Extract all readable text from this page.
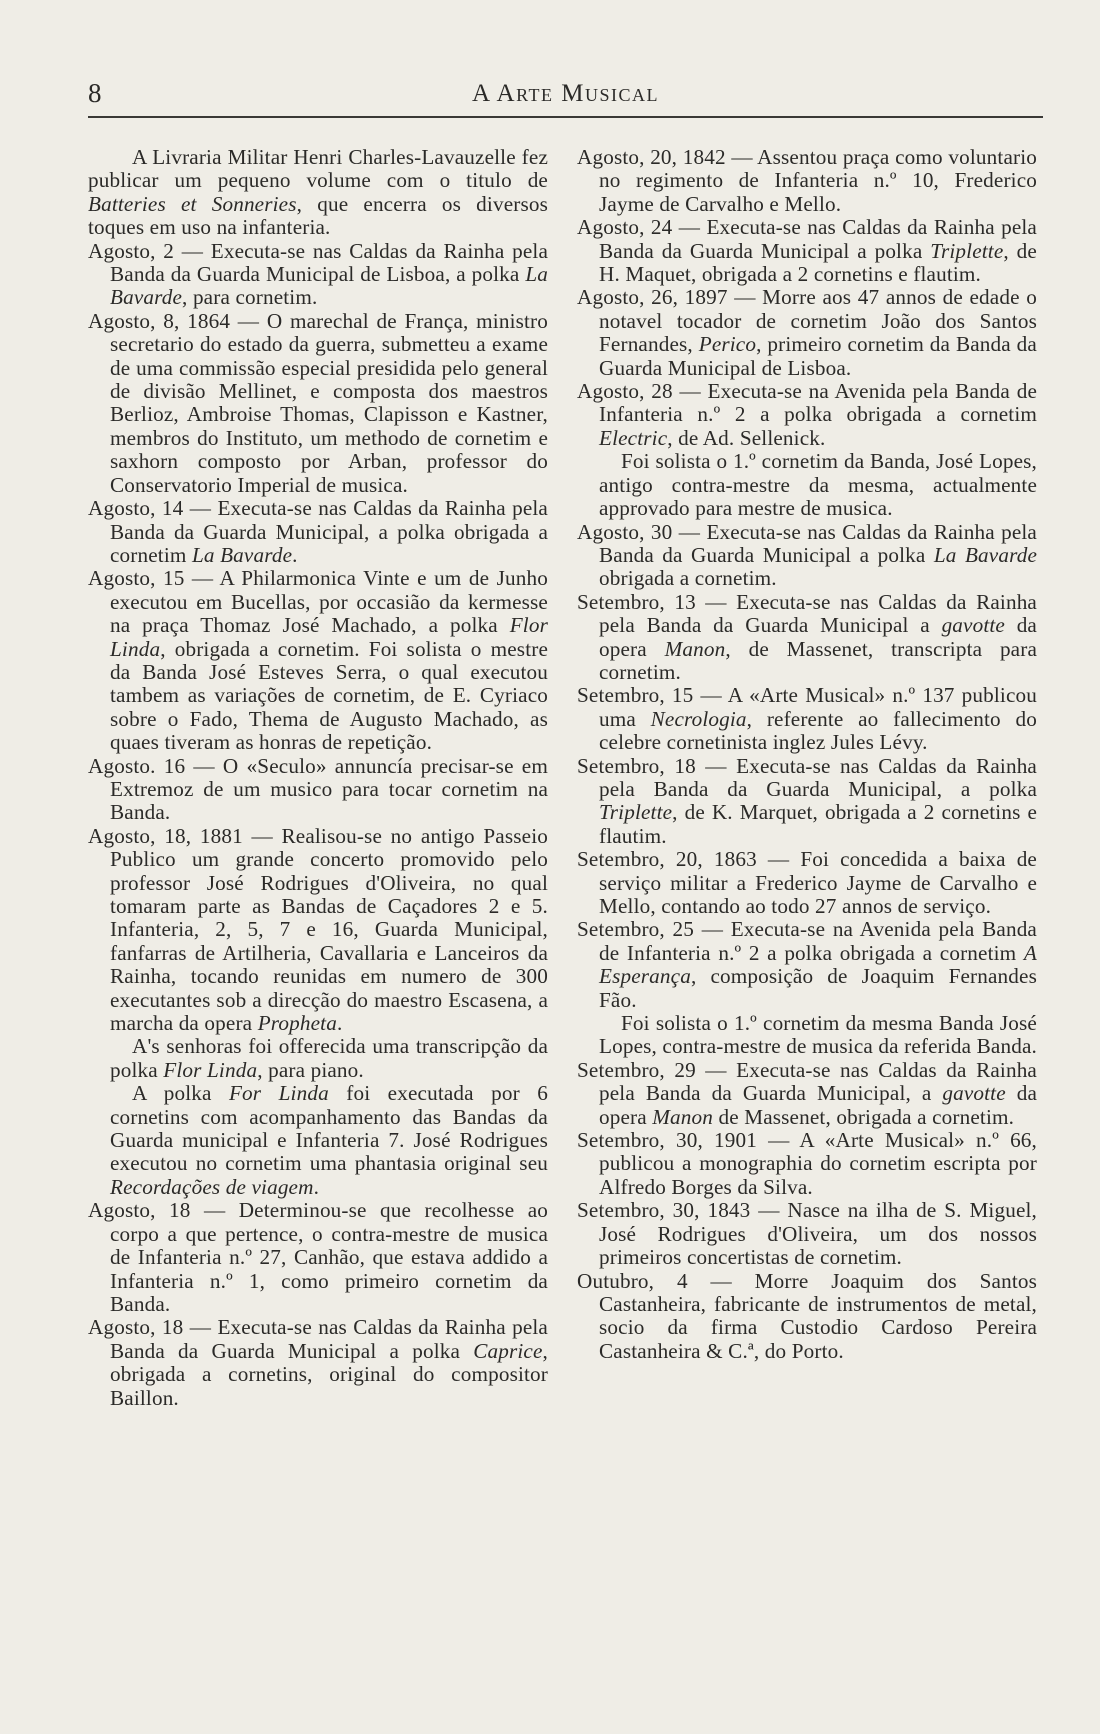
8	A Arte Musical

A Livraria Militar Henri Charles-Lavauzelle fez publicar um pequeno volume com o titulo de Batteries et Sonneries, que encerra os diversos toques em uso na infanteria.

Agosto, 2 — Executa-se nas Caldas da Rainha pela Banda da Guarda Municipal de Lisboa, a polka La Bavarde, para cornetim.

Agosto, 8, 1864 — O marechal de França, ministro secretario do estado da guerra, submetteu a exame de uma commissão especial presidida pelo general de divisão Mellinet, e composta dos maestros Berlioz, Ambroise Thomas, Clapisson e Kastner, membros do Instituto, um methodo de cornetim e saxhorn composto por Arban, professor do Conservatorio Imperial de musica.

Agosto, 14 — Executa-se nas Caldas da Rainha pela Banda da Guarda Municipal, a polka obrigada a cornetim La Bavarde.

Agosto, 15 — A Philarmonica Vinte e um de Junho executou em Bucellas, por occasião da kermesse na praça Thomaz José Machado, a polka Flor Linda, obrigada a cornetim. Foi solista o mestre da Banda José Esteves Serra, o qual executou tambem as variações de cornetim, de E. Cyriaco sobre o Fado, Thema de Augusto Machado, as quaes tiveram as honras de repetição.

Agosto. 16 — O «Seculo» annuncía precisar-se em Extremoz de um musico para tocar cornetim na Banda.

Agosto, 18, 1881 — Realisou-se no antigo Passeio Publico um grande concerto promovido pelo professor José Rodrigues d'Oliveira, no qual tomaram parte as Bandas de Caçadores 2 e 5. Infanteria, 2, 5, 7 e 16, Guarda Municipal, fanfarras de Artilheria, Cavallaria e Lanceiros da Rainha, tocando reunidas em numero de 300 executantes sob a direcção do maestro Escasena, a marcha da opera Propheta.

A's senhoras foi offerecida uma transcripção da polka Flor Linda, para piano.

A polka For Linda foi executada por 6 cornetins com acompanhamento das Bandas da Guarda municipal e Infanteria 7. José Rodrigues executou no cornetim uma phantasia original seu Recordações de viagem.

Agosto, 18 — Determinou-se que recolhesse ao corpo a que pertence, o contra-mestre de musica de Infanteria n.º 27, Canhão, que estava addido a Infanteria n.º 1, como primeiro cornetim da Banda.

Agosto, 18 — Executa-se nas Caldas da Rainha pela Banda da Guarda Municipal a polka Caprice, obrigada a cornetins, original do compositor Baillon.

Agosto, 20, 1842 — Assentou praça como voluntario no regimento de Infanteria n.º 10, Frederico Jayme de Carvalho e Mello.

Agosto, 24 — Executa-se nas Caldas da Rainha pela Banda da Guarda Municipal a polka Triplette, de H. Maquet, obrigada a 2 cornetins e flautim.

Agosto, 26, 1897 — Morre aos 47 annos de edade o notavel tocador de cornetim João dos Santos Fernandes, Perico, primeiro cornetim da Banda da Guarda Municipal de Lisboa.

Agosto, 28 — Executa-se na Avenida pela Banda de Infanteria n.º 2 a polka obrigada a cornetim Electric, de Ad. Sellenick.

Foi solista o 1.º cornetim da Banda, José Lopes, antigo contra-mestre da mesma, actualmente approvado para mestre de musica.

Agosto, 30 — Executa-se nas Caldas da Rainha pela Banda da Guarda Municipal a polka La Bavarde obrigada a cornetim.

Setembro, 13 — Executa-se nas Caldas da Rainha pela Banda da Guarda Municipal a gavotte da opera Manon, de Massenet, transcripta para cornetim.

Setembro, 15 — A «Arte Musical» n.º 137 publicou uma Necrologia, referente ao fallecimento do celebre cornetinista inglez Jules Lévy.

Setembro, 18 — Executa-se nas Caldas da Rainha pela Banda da Guarda Municipal, a polka Triplette, de K. Marquet, obrigada a 2 cornetins e flautim.

Setembro, 20, 1863 — Foi concedida a baixa de serviço militar a Frederico Jayme de Carvalho e Mello, contando ao todo 27 annos de serviço.

Setembro, 25 — Executa-se na Avenida pela Banda de Infanteria n.º 2 a polka obrigada a cornetim A Esperança, composição de Joaquim Fernandes Fão.

Foi solista o 1.º cornetim da mesma Banda José Lopes, contra-mestre de musica da referida Banda.

Setembro, 29 — Executa-se nas Caldas da Rainha pela Banda da Guarda Municipal, a gavotte da opera Manon de Massenet, obrigada a cornetim.

Setembro, 30, 1901 — A «Arte Musical» n.º 66, publicou a monographia do cornetim escripta por Alfredo Borges da Silva.

Setembro, 30, 1843 — Nasce na ilha de S. Miguel, José Rodrigues d'Oliveira, um dos nossos primeiros concertistas de cornetim.

Outubro, 4 — Morre Joaquim dos Santos Castanheira, fabricante de instrumentos de metal, socio da firma Custodio Cardoso Pereira Castanheira & C.ª, do Porto.
